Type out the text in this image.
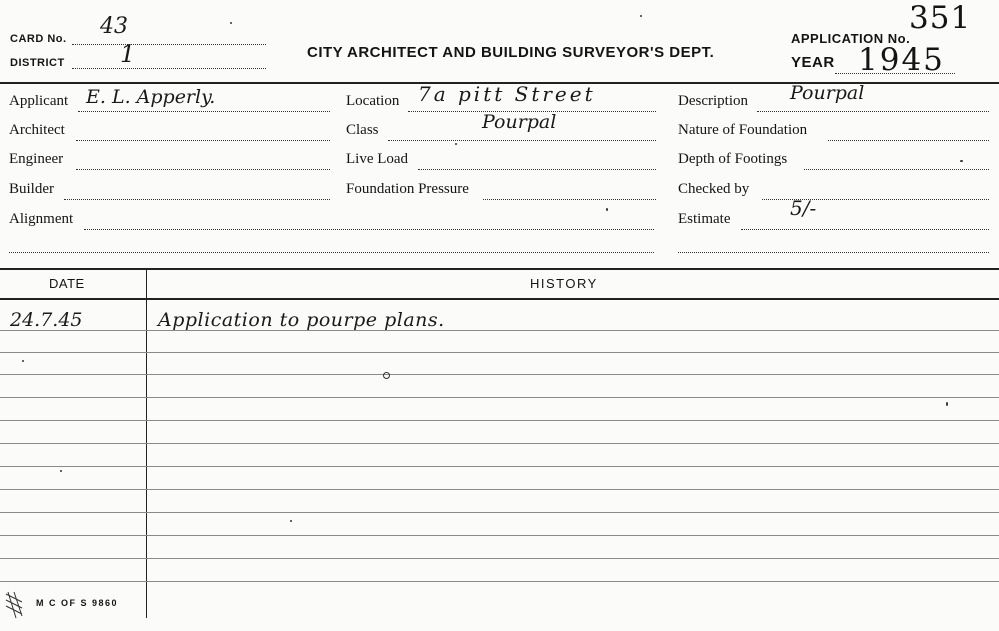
CARD No. 43
DISTRICT 1	CITY ARCHITECT AND BUILDING SURVEYOR'S DEPT.
APPLICATION No.
351
YEAR 1945
Applicant E. L. Apperly.
Architect
Engineer
Builder
Alignment
Location 7a pitt Street
Class	Pourpal
Live Load
Foundation Pressure
Description Pourpal
Nature of Foundation
Depth of Footings
Checked by
Estimate	5/-
DATE	HISTORY
24.7.45	Application to pourpe plans.
M C OF S 9860
